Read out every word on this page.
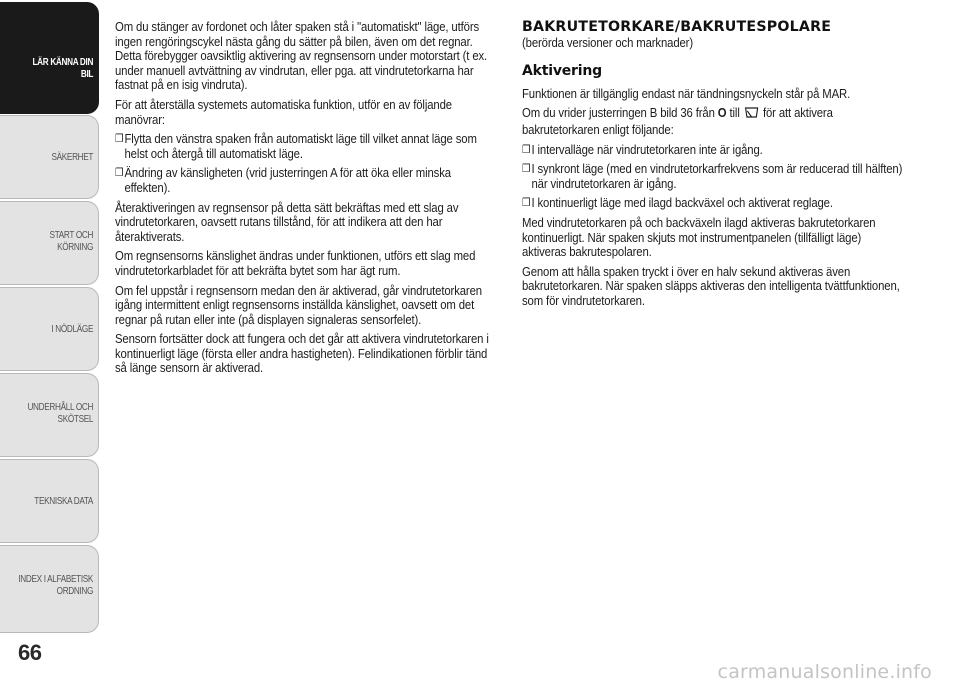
LÄR KÄNNA DIN
BIL
SÄKERHET
START OCH
KÖRNING
I NÖDLÄGE
UNDERHÅLL OCH
SKÖTSEL
TEKNISKA DATA
INDEX I ALFABETISK
ORDNING
66

Om du stänger av fordonet och låter spaken stå i "automatiskt" läge, utförs ingen rengöringscykel nästa gång du sätter på bilen, även om det regnar. Detta förebygger oavsiktlig aktivering av regnsensorn under motorstart (t ex. under manuell avtvättning av vindrutan, eller pga. att vindrutetorkarna har fastnat på en isig vindruta).

För att återställa systemets automatiska funktion, utför en av följande manövrar:

❒ Flytta den vänstra spaken från automatiskt läge till vilket annat läge som helst och återgå till automatiskt läge.

❒ Ändring av känsligheten (vrid justerringen A för att öka eller minska effekten).

Återaktiveringen av regnsensor på detta sätt bekräftas med ett slag av vindrutetorkaren, oavsett rutans tillstånd, för att indikera att den har återaktiverats.

Om regnsensorns känslighet ändras under funktionen, utförs ett slag med vindrutetorkarbladet för att bekräfta bytet som har ägt rum.

Om fel uppstår i regnsensorn medan den är aktiverad, går vindrutetorkaren igång intermittent enligt regnsensorns inställda känslighet, oavsett om det regnar på rutan eller inte (på displayen signaleras sensorfelet).

Sensorn fortsätter dock att fungera och det går att aktivera vindrutetorkaren i kontinuerligt läge (första eller andra hastigheten). Felindikationen förblir tänd så länge sensorn är aktiverad.

BAKRUTETORKARE/BAKRUTESPOLARE

(berörda versioner och marknader)

Aktivering

Funktionen är tillgänglig endast när tändningsnyckeln står på MAR.

Om du vrider justerringen B bild 36 från O till  för att aktivera bakrutetorkaren enligt följande:

❒ I intervalläge när vindrutetorkaren inte är igång.

❒ I synkront läge (med en vindrutetorkarfrekvens som är reducerad till hälften) när vindrutetorkaren är igång.

❒ I kontinuerligt läge med ilagd backväxel och aktiverat reglage.

Med vindrutetorkaren på och backväxeln ilagd aktiveras bakrutetorkaren kontinuerligt. När spaken skjuts mot instrumentpanelen (tillfälligt läge) aktiveras bakrutespolaren.

Genom att hålla spaken tryckt i över en halv sekund aktiveras även bakrutetorkaren. När spaken släpps aktiveras den intelligenta tvättfunktionen, som för vindrutetorkaren.

carmanualsonline.info
